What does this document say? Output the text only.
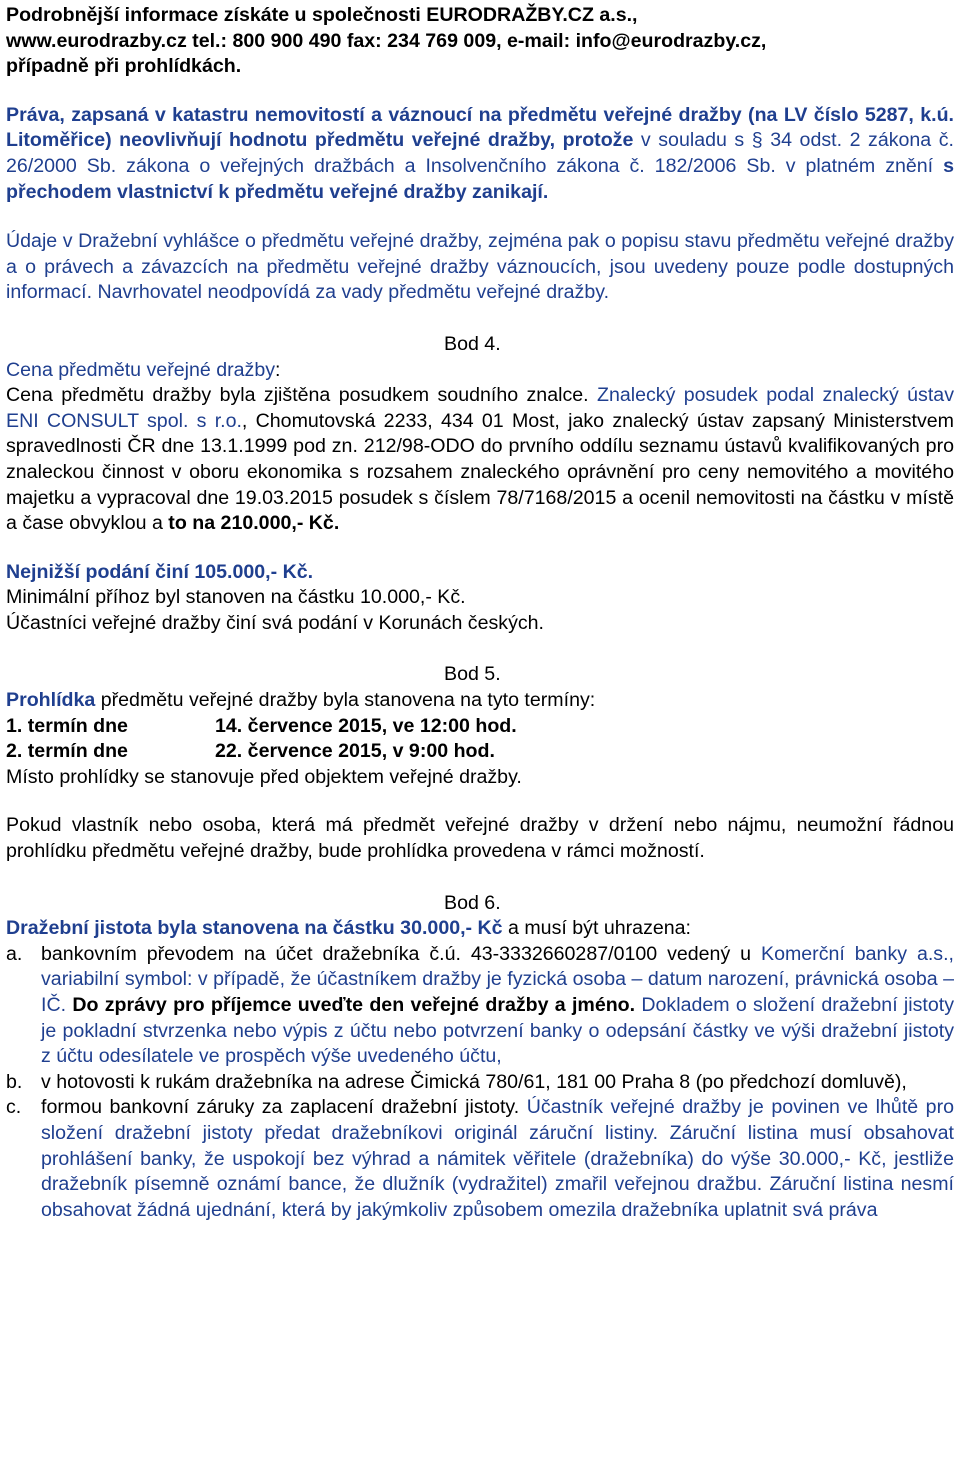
Podrobnější informace získáte u společnosti EURODRAŽBY.CZ a.s.,
www.eurodrazby.cz tel.: 800 900 490 fax: 234 769 009, e-mail: info@eurodrazby.cz,
případně při prohlídkách.

Práva, zapsaná v katastru nemovitostí a váznoucí na předmětu veřejné dražby (na LV číslo 5287, k.ú. Litoměřice) neovlivňují hodnotu předmětu veřejné dražby, protože v souladu s § 34 odst. 2 zákona č. 26/2000 Sb. zákona o veřejných dražbách a Insolvenčního zákona č. 182/2006 Sb. v platném znění s přechodem vlastnictví k předmětu veřejné dražby zanikají.

Údaje v Dražební vyhlášce o předmětu veřejné dražby, zejména pak o popisu stavu předmětu veřejné dražby a o právech a závazcích na předmětu veřejné dražby váznoucích, jsou uvedeny pouze podle dostupných informací. Navrhovatel neodpovídá za vady předmětu veřejné dražby.

Bod 4.

Cena předmětu veřejné dražby:

Cena předmětu dražby byla zjištěna posudkem soudního znalce. Znalecký posudek podal znalecký ústav ENI CONSULT spol. s r.o., Chomutovská 2233, 434 01 Most, jako znalecký ústav zapsaný Ministerstvem spravedlnosti ČR dne 13.1.1999 pod zn. 212/98-ODO do prvního oddílu seznamu ústavů kvalifikovaných pro znaleckou činnost v oboru ekonomika s rozsahem znaleckého oprávnění pro ceny nemovitého a movitého majetku a vypracoval dne 19.03.2015 posudek s číslem 78/7168/2015 a ocenil nemovitosti na částku v místě a čase obvyklou a to na 210.000,- Kč.

Nejnižší podání činí 105.000,- Kč.

Minimální příhoz byl stanoven na částku 10.000,- Kč.

Účastníci veřejné dražby činí svá podání v Korunách českých.

Bod 5.

Prohlídka předmětu veřejné dražby byla stanovena na tyto termíny:

1. termín dne	14. července 2015, ve 12:00 hod.
2. termín dne	22. července 2015, v 9:00 hod.

Místo prohlídky se stanovuje před objektem veřejné dražby.

Pokud vlastník nebo osoba, která má předmět veřejné dražby v držení nebo nájmu, neumožní řádnou prohlídku předmětu veřejné dražby, bude prohlídka provedena v rámci možností.

Bod 6.

Dražební jistota byla stanovena na částku 30.000,- Kč a musí být uhrazena:

a. bankovním převodem na účet dražebníka č.ú. 43-3332660287/0100 vedený u Komerční banky a.s., variabilní symbol: v případě, že účastníkem dražby je fyzická osoba – datum narození, právnická osoba – IČ. Do zprávy pro příjemce uveďte den veřejné dražby a jméno. Dokladem o složení dražební jistoty je pokladní stvrzenka nebo výpis z účtu nebo potvrzení banky o odepsání částky ve výši dražební jistoty z účtu odesílatele ve prospěch výše uvedeného účtu,
b. v hotovosti k rukám dražebníka na adrese Čimická 780/61, 181 00 Praha 8 (po předchozí domluvě),
c.	formou bankovní záruky za zaplacení dražební jistoty. Účastník veřejné dražby je povinen ve lhůtě pro složení dražební jistoty předat dražebníkovi originál záruční listiny. Záruční listina musí obsahovat prohlášení banky, že uspokojí bez výhrad a námitek věřitele (dražebníka) do výše 30.000,- Kč, jestliže dražebník písemně oznámí bance, že dlužník (vydražitel) zmařil veřejnou dražbu. Záruční listina nesmí obsahovat žádná ujednání, která by jakýmkoliv způsobem omezila dražebníka uplatnit svá práva
